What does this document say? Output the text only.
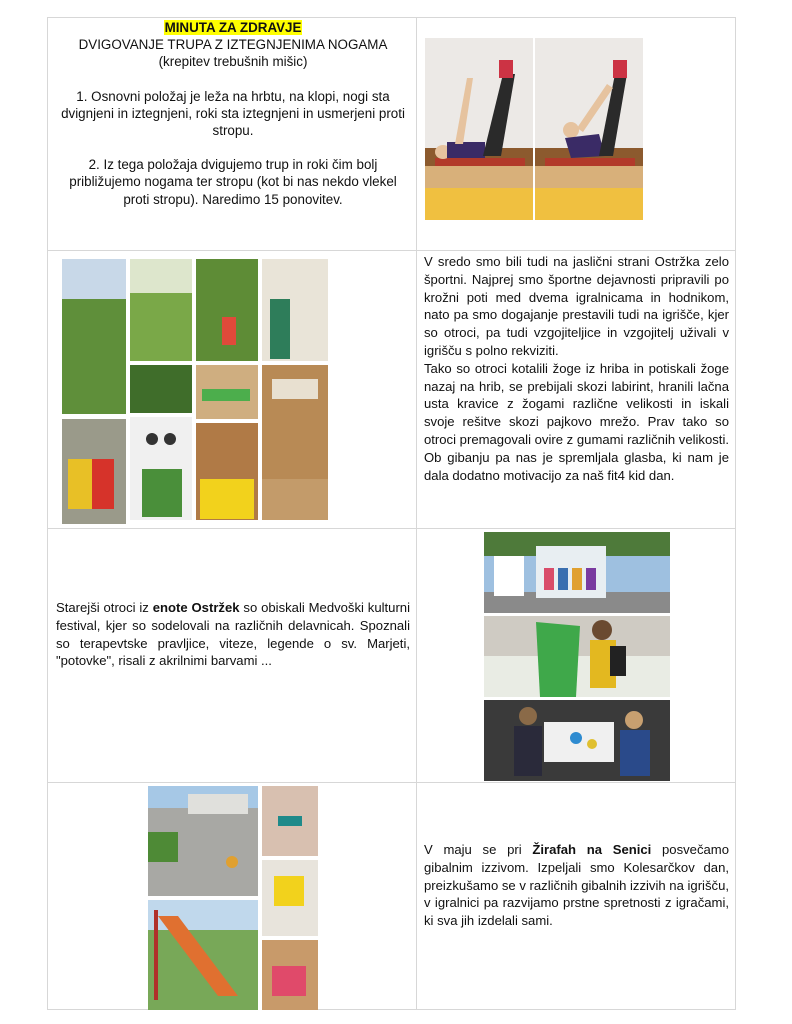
MINUTA ZA ZDRAVJE
DVIGOVANJE TRUPA Z IZTEGNJENIMA NOGAMA
(krepitev trebušnih mišic)
1. Osnovni položaj je leža na hrbtu, na klopi, nogi sta dvignjeni in iztegnjeni, roki sta iztegnjeni in usmerjeni proti stropu.
2. Iz tega položaja dvigujemo trup in roki čim bolj približujemo nogama ter stropu (kot bi nas nekdo vlekel proti stropu). Naredimo 15 ponovitev.
V sredo smo bili tudi na jaslični strani Ostržka zelo športni. Najprej smo športne dejavnosti pripravili po krožni poti med dvema igralnicama in hodnikom, nato pa smo dogajanje prestavili tudi na igrišče, kjer so otroci, pa tudi vzgojiteljice in vzgojitelj uživali v igrišču s polno rekviziti.
Tako so otroci kotalili žoge iz hriba in potiskali žoge nazaj na hrib, se prebijali skozi labirint, hranili lačna usta kravice z žogami različne velikosti in iskali svoje rešitve skozi pajkovo mrežo. Prav tako so otroci premagovali ovire z gumami različnih velikosti. Ob gibanju pa nas je spremljala glasba, ki nam je dala dodatno motivacijo za naš fit4 kid dan.
Starejši otroci iz enote Ostržek so obiskali Medvoški kulturni festival, kjer so sodelovali na različnih delavnicah. Spoznali so terapevtske pravljice, viteze, legende o sv. Marjeti, "potovke", risali z akrilnimi barvami ...
V maju se pri Žirafah na Senici posvečamo gibalnim izzivom. Izpeljali smo Kolesarčkov dan, preizkušamo se v različnih gibalnih izzivih na igrišču, v igralnici pa razvijamo prstne spretnosti z igračami, ki sva jih izdelali sami.
